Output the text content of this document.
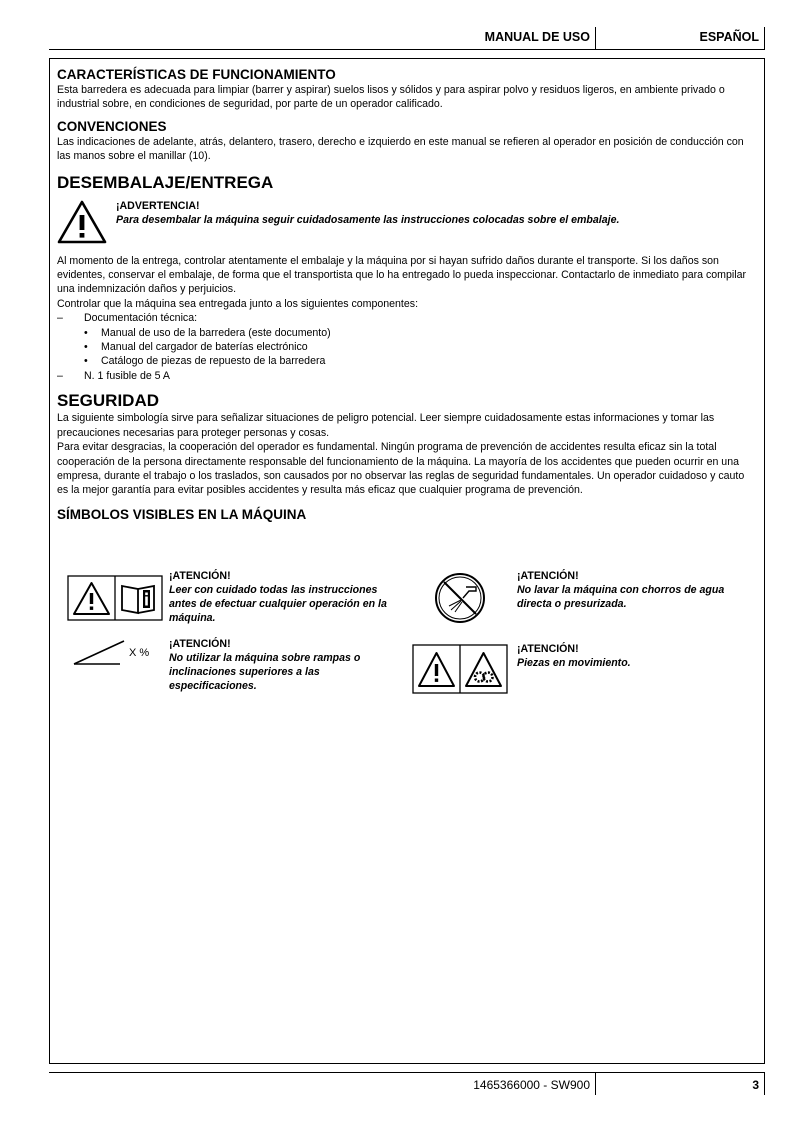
MANUAL DE USO	ESPAÑOL
CARACTERÍSTICAS DE FUNCIONAMIENTO

Esta barredera es adecuada para limpiar (barrer y aspirar) suelos lisos y sólidos y para aspirar polvo y residuos ligeros, en ambiente privado o industrial sobre, en condiciones de seguridad, por parte de un operador calificado.

CONVENCIONES

Las indicaciones de adelante, atrás, delantero, trasero, derecho e izquierdo en este manual se refieren al operador en posición de conducción con las manos sobre el manillar (10).

DESEMBALAJE/ENTREGA
¡ADVERTENCIA!
Para desembalar la máquina seguir cuidadosamente las instrucciones colocadas sobre el embalaje.

Al momento de la entrega, controlar atentamente el embalaje y la máquina por si hayan sufrido daños durante el transporte. Si los daños son evidentes, conservar el embalaje, de forma que el transportista que lo ha entregado lo pueda inspeccionar. Contactarlo de inmediato para compilar una indemnización daños y perjuicios.

Controlar que la máquina sea entregada junto a los siguientes componentes:

– Documentación técnica:
• Manual de uso de la barredera (este documento)
• Manual del cargador de baterías electrónico
• Catálogo de piezas de repuesto de la barredera
– N. 1 fusible de 5 A
SEGURIDAD

La siguiente simbología sirve para señalizar situaciones de peligro potencial. Leer siempre cuidadosamente estas informaciones y tomar las precauciones necesarias para proteger personas y cosas.

Para evitar desgracias, la cooperación del operador es fundamental. Ningún programa de prevención de accidentes resulta eficaz sin la total cooperación de la persona directamente responsable del funcionamiento de la máquina. La mayoría de los accidentes que pueden ocurrir en una empresa, durante el trabajo o los traslados, son causados por no observar las reglas de seguridad fundamentales. Un operador cuidadoso y cauto es la mejor garantía para evitar posibles accidentes y resulta más eficaz que cualquier programa de prevención.

SÍMBOLOS VISIBLES EN LA MÁQUINA
¡ATENCIÓN!
Leer con cuidado todas las instrucciones antes de efectuar cualquier operación en la máquina.
¡ATENCIÓN!
No lavar la máquina con chorros de agua directa o presurizada.
X %
¡ATENCIÓN!
No utilizar la máquina sobre rampas o inclinaciones superiores a las especificaciones.
¡ATENCIÓN!
Piezas en movimiento.
1465366000 - SW900	3
